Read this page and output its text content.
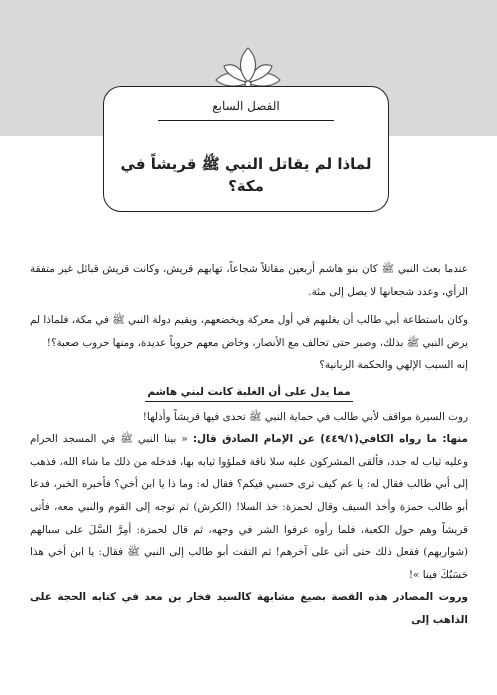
الفصل السابع
لماذا لم يقاتل النبي ﷺ قريشاً في مكة؟

عندما بعث النبي ﷺ كان بنو هاشم أربعين مقاتلاً شجاعاً، تهابهم قريش، وكانت قريش قبائل غير متفقة الرأي، وعدد شجعانها لا يصل إلى مئة.

وكان باستطاعة أبي طالب أن يغلبهم في أول معركة ويخضعهم، ويقيم دولة النبي ﷺ في مكة، فلماذا لم يرض النبي ﷺ بذلك، وصبر حتى تحالف مع الأنصار، وخاض معهم حروباً عديدة، ومنها حروب صعبة؟!

إنه السبب الإلهي والحكمة الربانية؟

مما يدل على أن الغلبة كانت لبني هاشم

روت السيرة مواقف لأبي طالب في حماية النبي ﷺ تحدى فيها قريشاً وأذلها!

منها: ما رواه الكافي(٤٤٩/١) عن الإمام الصادق قال: « بينا النبي ﷺ في المسجد الحرام وعليه ثياب له جدد، فألقى المشركون عليه سلا ناقة فملؤوا ثيابه بها، فدخله من ذلك ما شاء الله، فذهب إلى أبي طالب فقال له: يا عم كيف ترى حسبي فيكم؟ فقال له: وما ذا يا ابن أخي؟ فأخبره الخبر، فدعا أبو طالب حمزة وأخذ السيف وقال لحمزة: خذ السلا! (الكرش) ثم توجه إلى القوم والنبي معه، فأتى قريشاً وهم حول الكعبة، فلما رأوه عرفوا الشر في وجهه، ثم قال لحمزة: أمِرَّ السَّلَ على سبالهم (شواربهم) ففعل ذلك حتى أتى على آخرهم! ثم التفت أبو طالب إلى النبي ﷺ فقال: يا ابن أخي هذا حَسَبُكَ فينا »!

وروت المصادر هذه القصة بصيغ مشابهة كالسيد فخار بن معد في كتابه الحجة على الذاهب إلى
